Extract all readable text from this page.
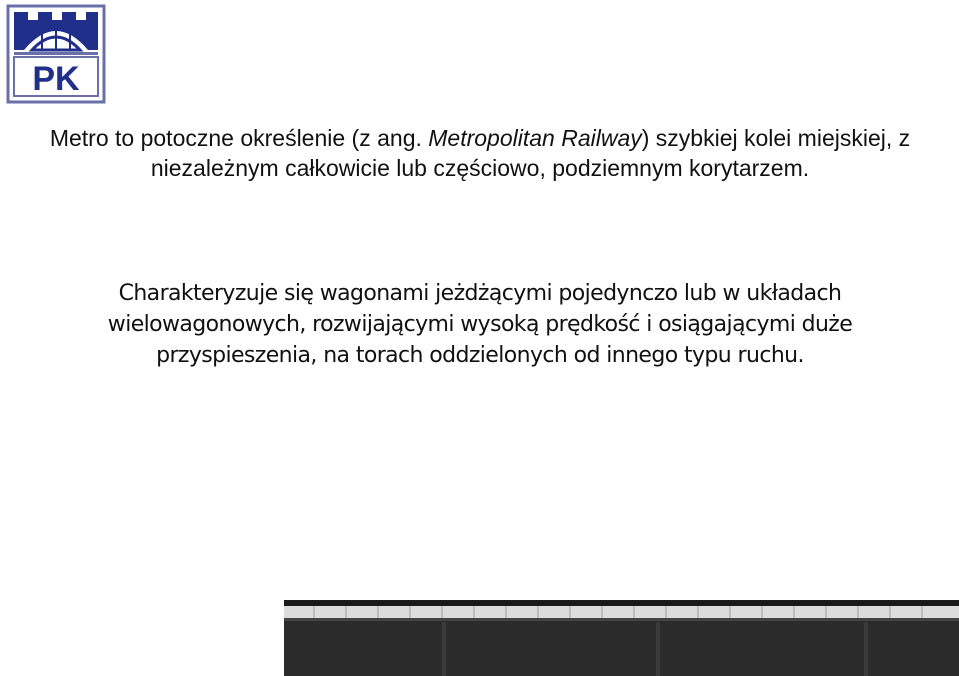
PK
Metro to potoczne określenie (z ang. Metropolitan Railway) szybkiej kolei miejskiej, z niezależnym całkowicie lub częściowo, podziemnym korytarzem.
Charakteryzuje się wagonami jeżdżącymi pojedynczo lub w układach wielowagonowych, rozwijającymi wysoką prędkość i osiągającymi duże przyspieszenia, na torach oddzielonych od innego typu ruchu.
